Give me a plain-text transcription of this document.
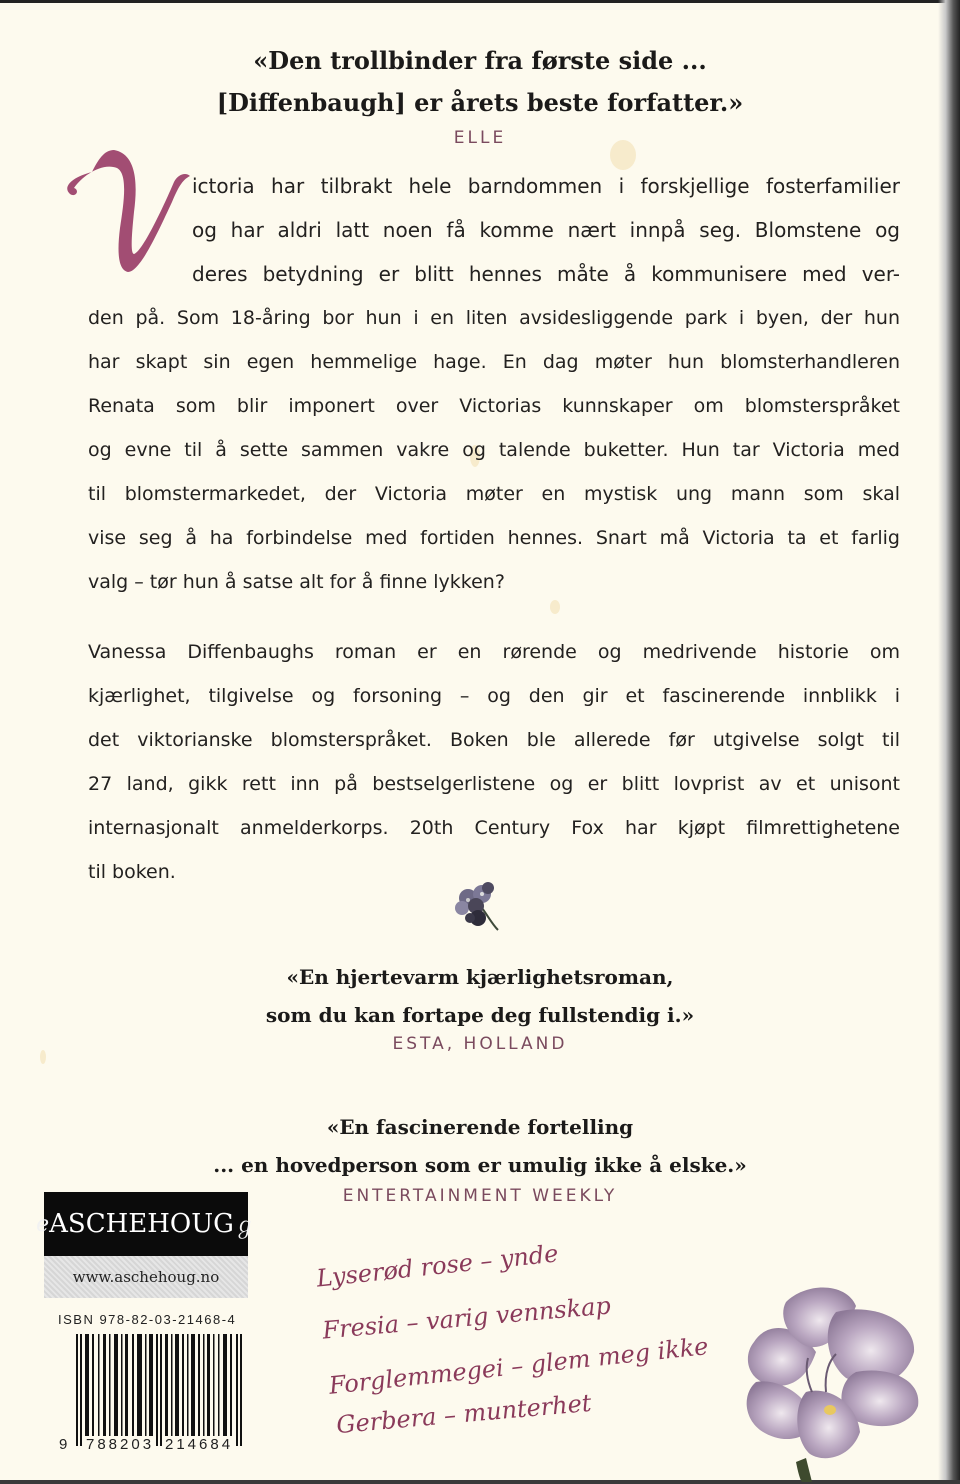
«Den trollbinder fra første side ...
[Diffenbaugh] er årets beste forfatter.»
ELLE
ictoria har tilbrakt hele barndommen i forskjellige fosterfamilier
og har aldri latt noen få komme nært innpå seg. Blomstene og
deres betydning er blitt hennes måte å kommunisere med ver-
den på. Som 18-åring bor hun i en liten avsidesliggende park i byen, der hun
har skapt sin egen hemmelige hage. En dag møter hun blomsterhandleren
Renata som blir imponert over Victorias kunnskaper om blomsterspråket
og evne til å sette sammen vakre og talende buketter. Hun tar Victoria med
til blomstermarkedet, der Victoria møter en mystisk ung mann som skal
vise seg å ha forbindelse med fortiden hennes. Snart må Victoria ta et farlig
valg – tør hun å satse alt for å finne lykken?
Vanessa Diffenbaughs roman er en rørende og medrivende historie om
kjærlighet, tilgivelse og forsoning – og den gir et fascinerende innblikk i
det viktorianske blomsterspråket. Boken ble allerede før utgivelse solgt til
27 land, gikk rett inn på bestselgerlistene og er blitt lovprist av et unisont
internasjonalt anmelderkorps. 20th Century Fox har kjøpt filmrettighetene
til boken.
«En hjertevarm kjærlighetsroman,
som du kan fortape deg fullstendig i.»
ESTA, HOLLAND
«En fascinerende fortelling
... en hovedperson som er umulig ikke å elske.»
ENTERTAINMENT WEEKLY
ℯ ASCHEHOUG ℊ
www.aschehoug.no
ISBN 978-82-03-21468-4
9 788203 214684
Lyserød rose – ynde
Fresia – varig vennskap
Forglemmegei – glem meg ikke
Gerbera – munterhet
